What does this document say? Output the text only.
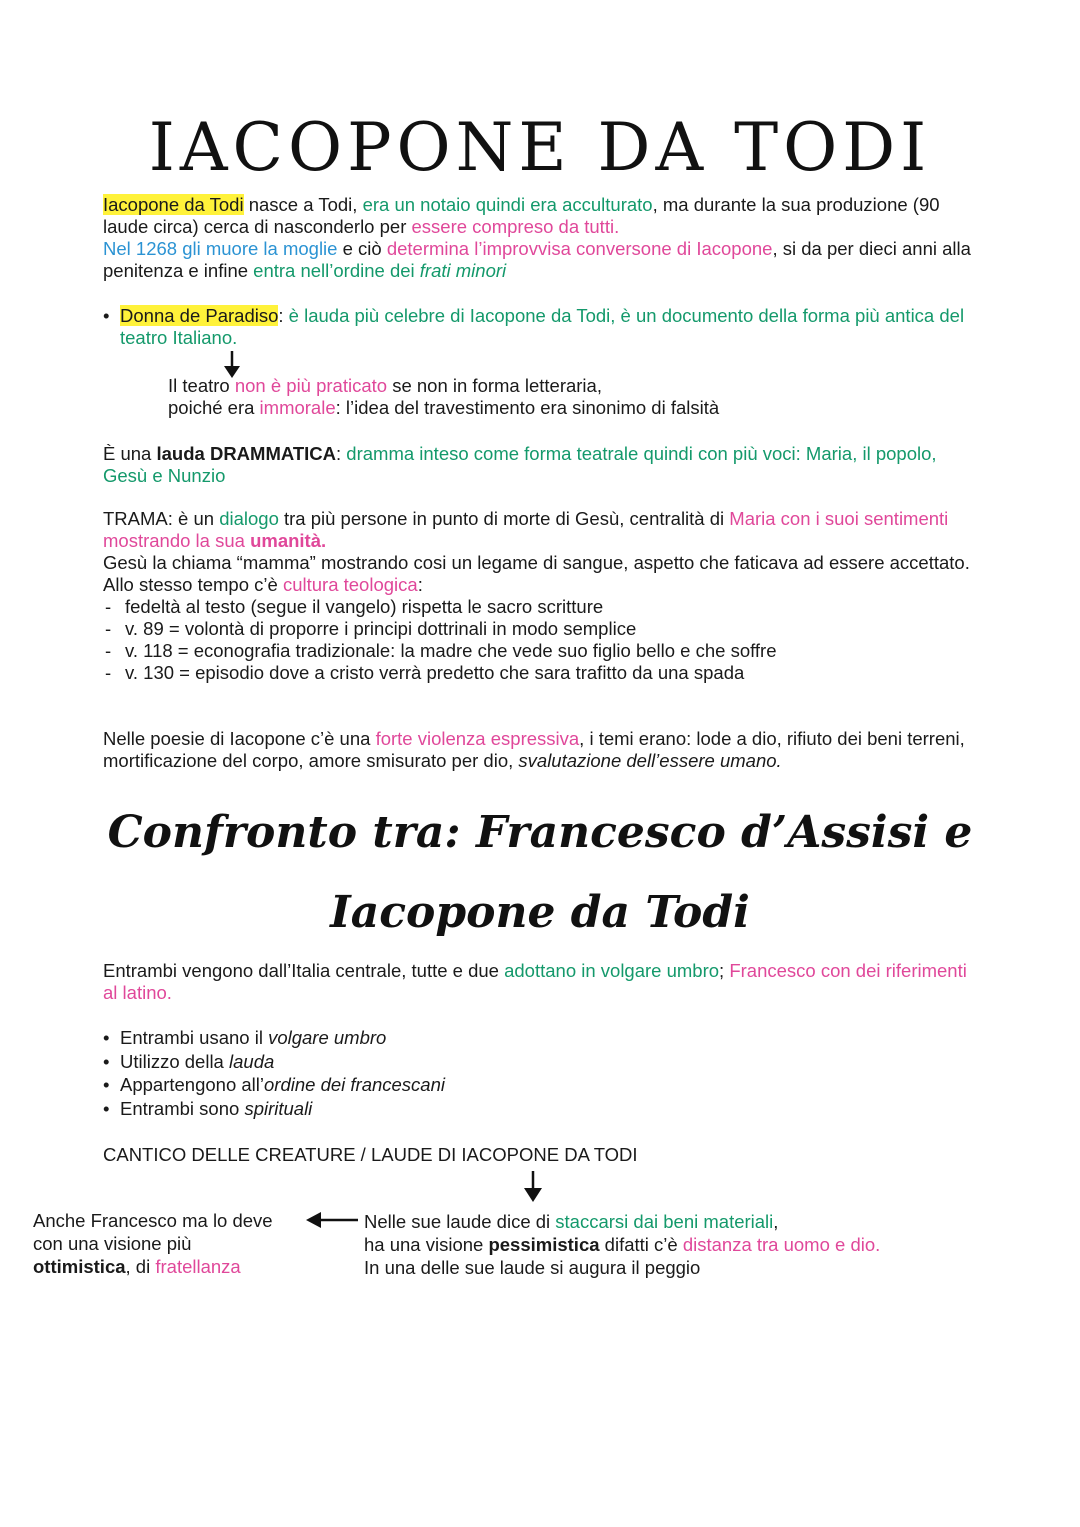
IACOPONE DA TODI

Iacopone da Todi nasce a Todi, era un notaio quindi era acculturato, ma durante la sua produzione (90 laude circa) cerca di nasconderlo per essere compreso da tutti.
Nel 1268 gli muore la moglie e ciò determina l’improvvisa conversone di Iacopone, si da per dieci anni alla penitenza e infine entra nell’ordine dei frati minori

• Donna de Paradiso: è lauda più celebre di Iacopone da Todi, è un documento della forma più antica del teatro Italiano.

Il teatro non è più praticato se non in forma letteraria,
poiché era immorale: l’idea del travestimento era sinonimo di falsità

È una lauda DRAMMATICA: dramma inteso come forma teatrale quindi con più voci: Maria, il popolo, Gesù e Nunzio

TRAMA: è un dialogo tra più persone in punto di morte di Gesù, centralità di Maria con i suoi sentimenti mostrando la sua umanità.

Gesù la chiama “mamma” mostrando cosi un legame di sangue, aspetto che faticava ad essere accettato.

Allo stesso tempo c’è cultura teologica:

- fedeltà al testo (segue il vangelo) rispetta le sacro scritture

- v. 89 = volontà di proporre i principi dottrinali in modo semplice

- v. 118 = econografia tradizionale: la madre che vede suo figlio bello e che soffre

- v. 130 = episodio dove a cristo verrà predetto che sara trafitto da una spada

Nelle poesie di Iacopone c’è una forte violenza espressiva, i temi erano: lode a dio, rifiuto dei beni terreni, mortificazione del corpo, amore smisurato per dio, svalutazione dell’essere umano.

Confronto tra: Francesco d’Assisi e
Iacopone da Todi

Entrambi vengono dall’Italia centrale, tutte e due adottano in volgare umbro; Francesco con dei riferimenti al latino.

• Entrambi usano il volgare umbro

• Utilizzo della lauda

• Appartengono all’ordine dei francescani

• Entrambi sono spirituali

CANTICO DELLE CREATURE / LAUDE DI IACOPONE DA TODI

Anche Francesco ma lo deve
con una visione più
ottimistica, di fratellanza

Nelle sue laude dice di staccarsi dai beni materiali,
ha una visione pessimistica difatti c’è distanza tra uomo e dio.
In una delle sue laude si augura il peggio
